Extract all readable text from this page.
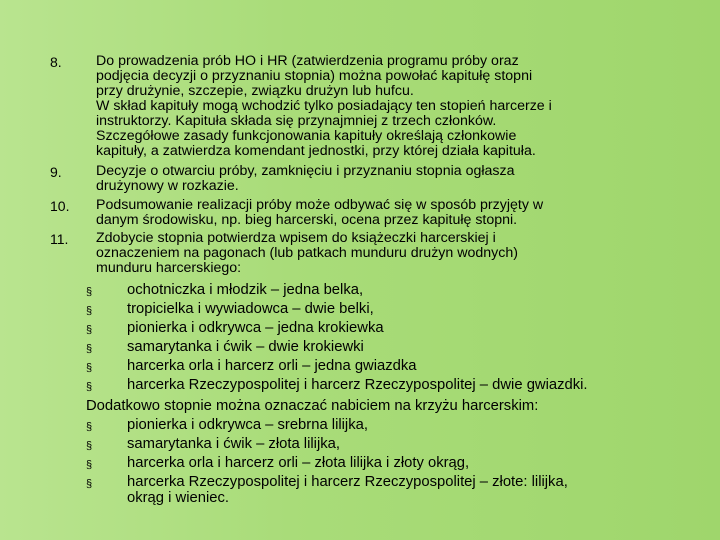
8.
9.
10.
11.
Do prowadzenia prób HO i HR (zatwierdzenia programu próby oraz
podjęcia decyzji o przyznaniu stopnia) można powołać kapitułę stopni
przy drużynie, szczepie, związku drużyn lub hufcu.
W skład kapituły mogą wchodzić tylko posiadający ten stopień harcerze i
instruktorzy. Kapituła składa się przynajmniej z trzech członków.
Szczegółowe zasady funkcjonowania kapituły określają członkowie
kapituły, a zatwierdza komendant jednostki, przy której działa kapituła.
Decyzje o otwarciu próby, zamknięciu i przyznaniu stopnia ogłasza
drużynowy w rozkazie.
Podsumowanie realizacji próby może odbywać się w sposób przyjęty w
danym środowisku, np. bieg harcerski, ocena przez kapitułę stopni.
Zdobycie stopnia potwierdza wpisem do książeczki harcerskiej i
oznaczeniem na pagonach (lub patkach munduru drużyn wodnych)
munduru harcerskiego:
§ ochotniczka i młodzik – jedna belka,
§ tropicielka i wywiadowca – dwie belki,
§ pionierka i odkrywca – jedna krokiewka
§ samarytanka i ćwik – dwie krokiewki
§ harcerka orla i harcerz orli – jedna gwiazdka
§ harcerka Rzeczypospolitej i harcerz Rzeczypospolitej – dwie gwiazdki.
Dodatkowo stopnie można oznaczać nabiciem na krzyżu harcerskim:
§ pionierka i odkrywca – srebrna lilijka,
§ samarytanka i ćwik – złota lilijka,
§ harcerka orla i harcerz orli – złota lilijka i złoty okrąg,
§ harcerka Rzeczypospolitej i harcerz Rzeczypospolitej – złote: lilijka,
okrąg i wieniec.
